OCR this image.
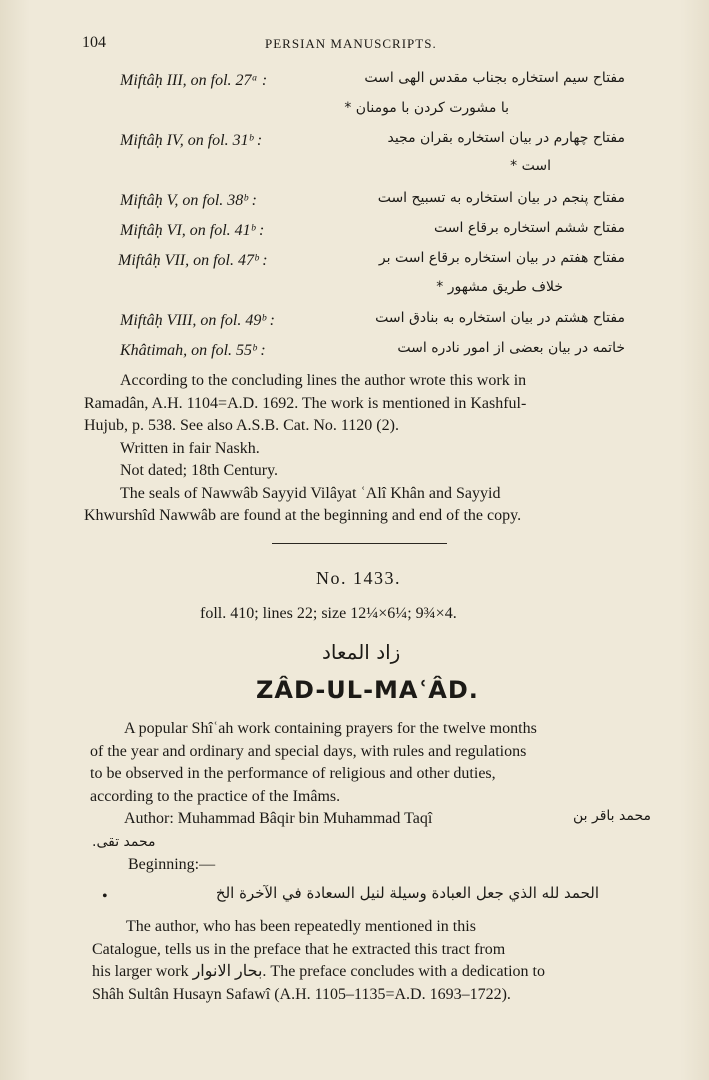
104	PERSIAN MANUSCRIPTS.
Miftâḥ III, on fol. 27ᵃ :	مفتاح سیم استخاره بجناب مقدس الهی است
با مشورت کردن با مومنان *
Miftâḥ IV, on fol. 31ᵇ :	مفتاح چهارم در بیان استخاره بقران مجید
است *
Miftâḥ V, on fol. 38ᵇ :	مفتاح پنجم در بیان استخاره به تسبیح است
Miftâḥ VI, on fol. 41ᵇ :	مفتاح ششم استخاره برقاع است
Miftâḥ VII, on fol. 47ᵇ :	مفتاح هفتم در بیان استخاره برقاع است بر
خلاف طریق مشهور *
Miftâḥ VIII, on fol. 49ᵇ :	مفتاح هشتم در بیان استخاره به بنادق است
Khâtimah, on fol. 55ᵇ :	خاتمه در بیان بعضی از امور نادره است
According to the concluding lines the author wrote this work in
Ramadân, A.H. 1104=A.D. 1692. The work is mentioned in Kashful-
Hujub, p. 538. See also A.S.B. Cat. No. 1120 (2).
Written in fair Naskh.
Not dated; 18th Century.
The seals of Nawwâb Sayyid Vilâyat ʿAlî Khân and Sayyid
Khwurshîd Nawwâb are found at the beginning and end of the copy.
No. 1433.
foll. 410; lines 22; size 12¼×6¼; 9¾×4.
زاد المعاد
ZÂD-UL-MAʿÂD.
A popular Shîʿah work containing prayers for the twelve months
of the year and ordinary and special days, with rules and regulations
to be observed in the performance of religious and other duties,
according to the practice of the Imâms.
Author: Muhammad Bâqir bin Muhammad Taqî	محمد باقر بن
محمد تقی.
Beginning:—
•	الحمد لله الذي جعل العبادة وسيلة لنيل السعادة في الآخرة الخ
The author, who has been repeatedly mentioned in this
Catalogue, tells us in the preface that he extracted this tract from
his larger work بحار الانوار. The preface concludes with a dedication to
Shâh Sultân Husayn Safawî (A.H. 1105–1135=A.D. 1693–1722).
